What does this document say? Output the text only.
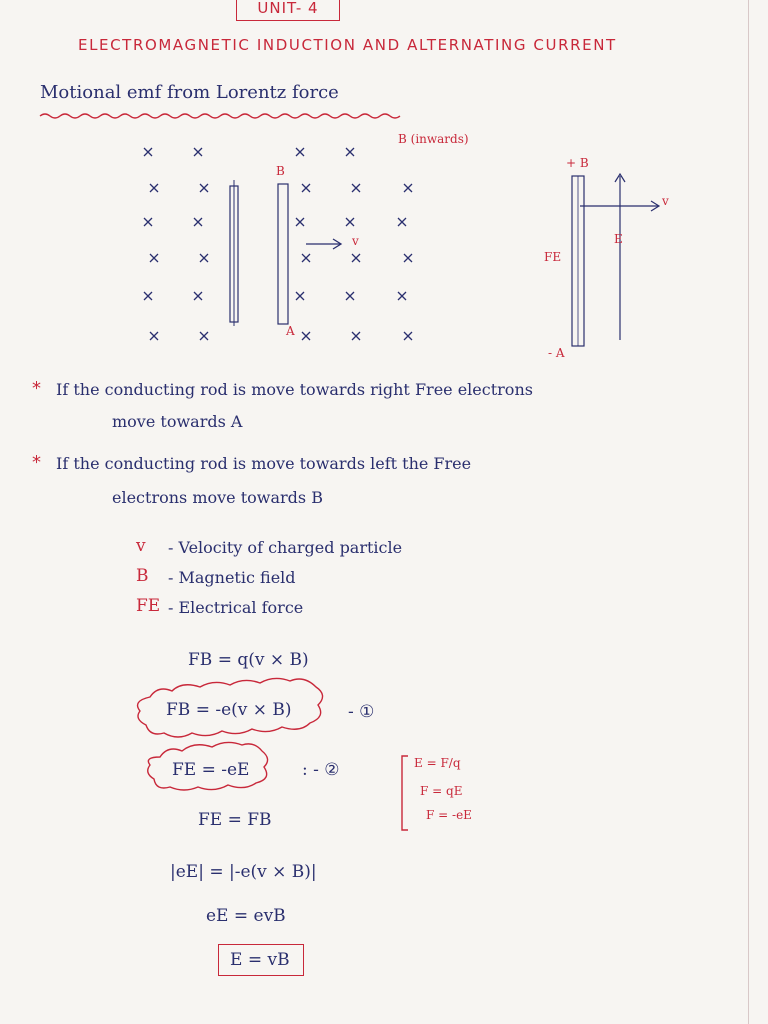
UNIT- 4
ELECTROMAGNETIC INDUCTION AND ALTERNATING CURRENT
Motional emf from Lorentz force
B (inwards)
B
A
v
+ B
- A
v
E
FE
* If the conducting rod is move towards right Free electrons
move towards A
* If the conducting rod is move towards left the Free
electrons move towards B
v - Velocity of charged particle
B - Magnetic field
FE - Electrical force
FB = q(v × B)
FB = -e(v × B)	- ①
FE = -eE	: - ②
FE = FB
|eE| = |-e(v × B)|
eE = evB
E = vB
E = F/q
F = qE
F = -eE
